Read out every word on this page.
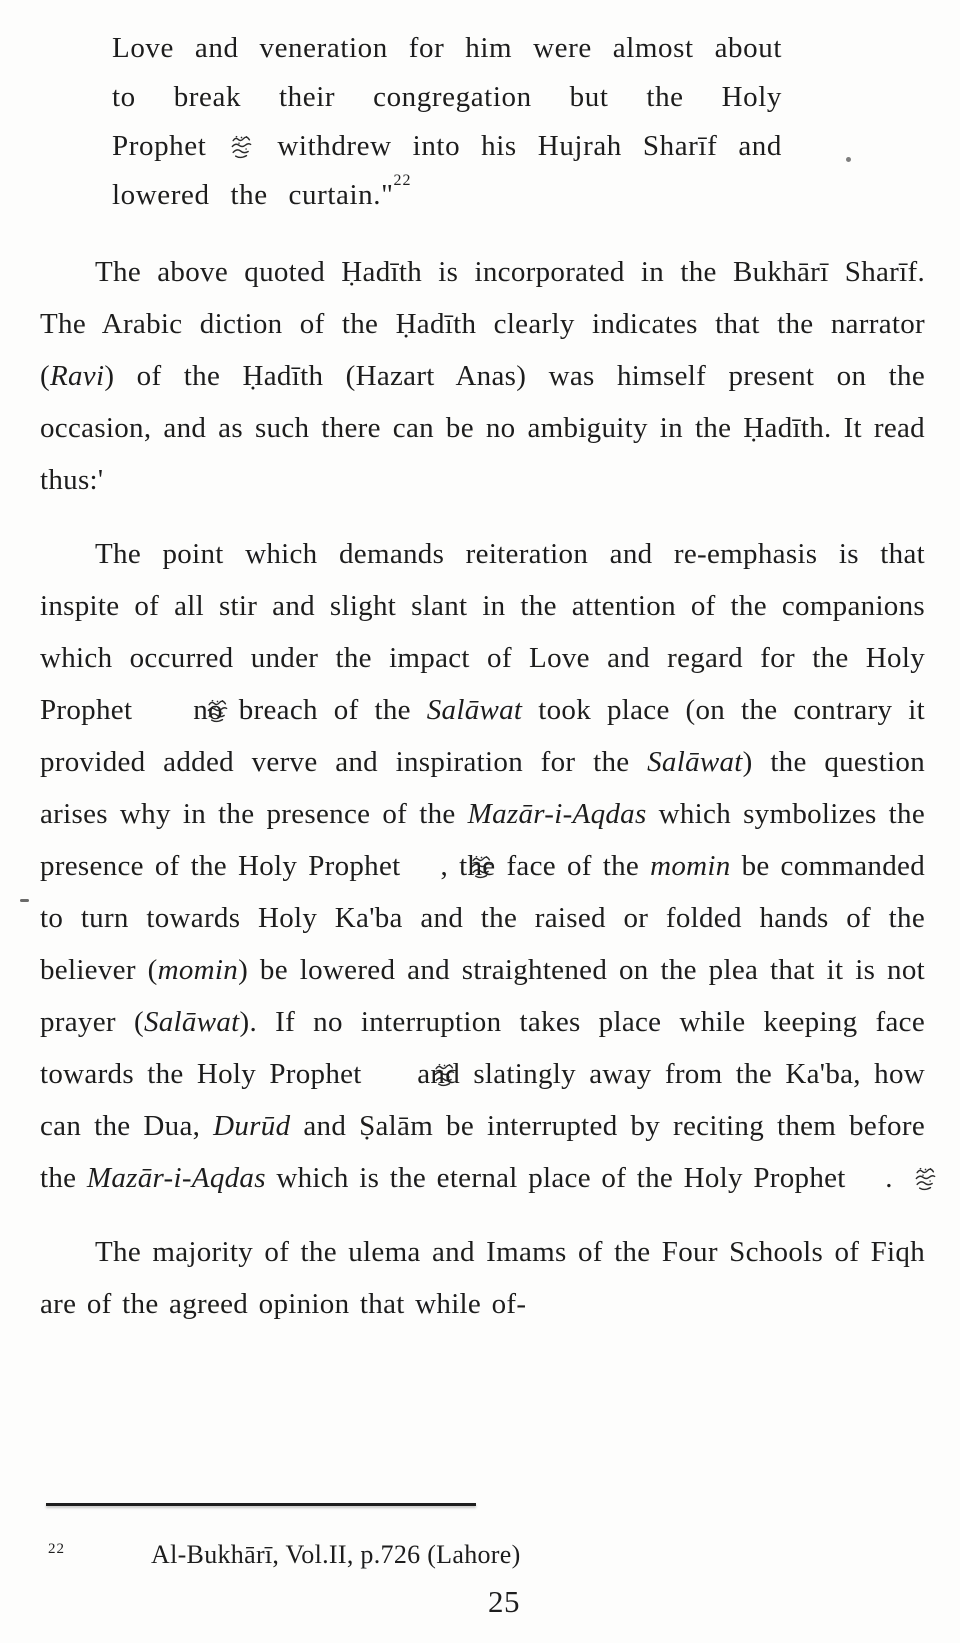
Love and veneration for him were almost about to break their congregation but the Holy Prophet  withdrew into his Hujrah Sharīf and lowered the curtain."$^{22}$

The above quoted Ḥadīth is incorporated in the Bukhārī Sharīf. The Arabic diction of the Ḥadīth clearly indicates that the narrator (Ravi) of the Ḥadīth (Hazart Anas) was himself present on the occasion, and as such there can be no ambiguity in the Ḥadīth. It read thus:'

The point which demands reiteration and re-emphasis is that inspite of all stir and slight slant in the attention of the companions which occurred under the impact of Love and regard for the Holy Prophet  no breach of the Salāwat took place (on the contrary it provided added verve and inspiration for the Salāwat) the question arises why in the presence of the Mazār-i-Aqdas which symbolizes the presence of the Holy Prophet , the face of the momin be commanded to turn towards Holy Ka'ba and the raised or folded hands of the believer (momin) be lowered and straightened on the plea that it is not prayer (Salāwat). If no interruption takes place while keeping face towards the Holy Prophet  and slatingly away from the Ka'ba, how can the Dua, Durūd and Ṣalām be interrupted by reciting them before the Mazār-i-Aqdas which is the eternal place of the Holy Prophet .

The majority of the ulema and Imams of the Four Schools of Fiqh are of the agreed opinion that while of-

$^{22}$	Al-Bukhārī, Vol.II, p.726 (Lahore)
25
